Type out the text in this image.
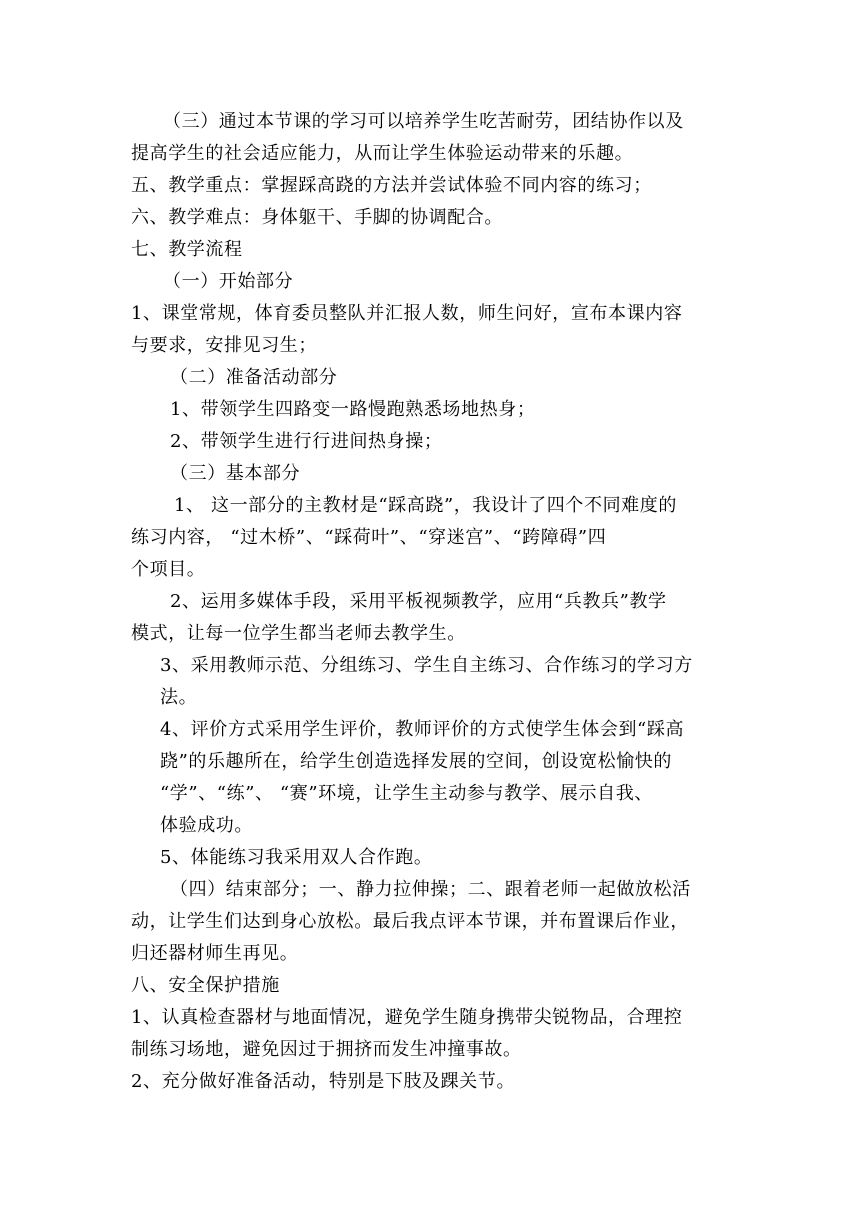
（三）通过本节课的学习可以培养学生吃苦耐劳，团结协作以及
提高学生的社会适应能力，从而让学生体验运动带来的乐趣。
五、教学重点：掌握踩高跷的方法并尝试体验不同内容的练习；
六、教学难点：身体躯干、手脚的协调配合。
七、教学流程
（一）开始部分
1、课堂常规，体育委员整队并汇报人数，师生问好，宣布本课内容
与要求，安排见习生；
（二）准备活动部分
1、带领学生四路变一路慢跑熟悉场地热身；
2、带领学生进行行进间热身操；
（三）基本部分
1、 这一部分的主教材是“踩高跷”，我设计了四个不同难度的
练习内容， “过木桥”、“踩荷叶”、“穿迷宫”、“跨障碍”四
个项目。
2、运用多媒体手段，采用平板视频教学，应用“兵教兵”教学
模式，让每一位学生都当老师去教学生。
3、采用教师示范、分组练习、学生自主练习、合作练习的学习方
法。
4、评价方式采用学生评价，教师评价的方式使学生体会到“踩高
跷”的乐趣所在，给学生创造选择发展的空间，创设宽松愉快的
“学”、“练”、 “赛”环境，让学生主动参与教学、展示自我、
体验成功。
5、体能练习我采用双人合作跑。
（四）结束部分；一、静力拉伸操；二、跟着老师一起做放松活
动，让学生们达到身心放松。最后我点评本节课，并布置课后作业，
归还器材师生再见。
八、安全保护措施
1、认真检查器材与地面情况，避免学生随身携带尖锐物品，合理控
制练习场地，避免因过于拥挤而发生冲撞事故。
2、充分做好准备活动，特别是下肢及踝关节。
